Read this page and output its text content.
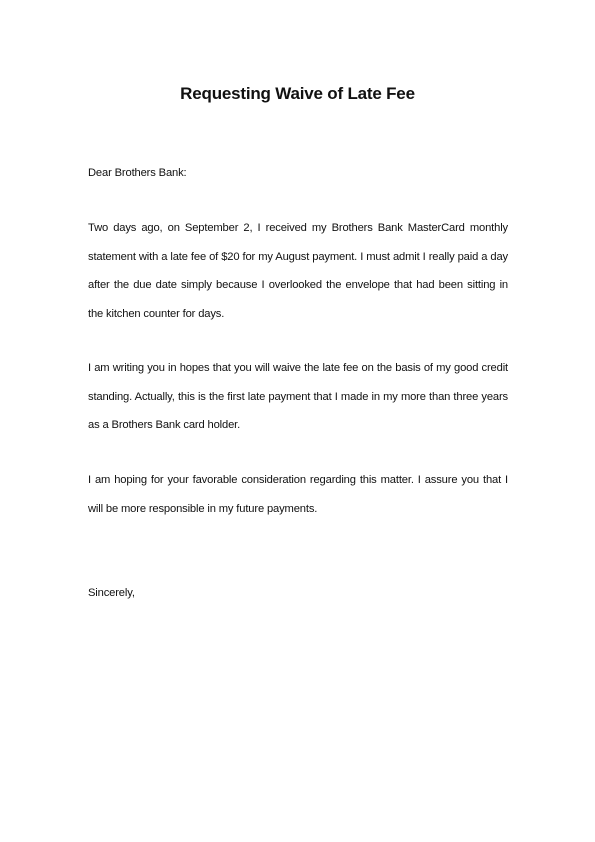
Requesting Waive of Late Fee
Dear Brothers Bank:
Two days ago, on September 2, I received my Brothers Bank MasterCard monthly statement with a late fee of $20 for my August payment. I must admit I really paid a day after the due date simply because I overlooked the envelope that had been sitting in the kitchen counter for days.
I am writing you in hopes that you will waive the late fee on the basis of my good credit standing. Actually, this is the first late payment that I made in my more than three years as a Brothers Bank card holder.
I am hoping for your favorable consideration regarding this matter. I assure you that I will be more responsible in my future payments.
Sincerely,
